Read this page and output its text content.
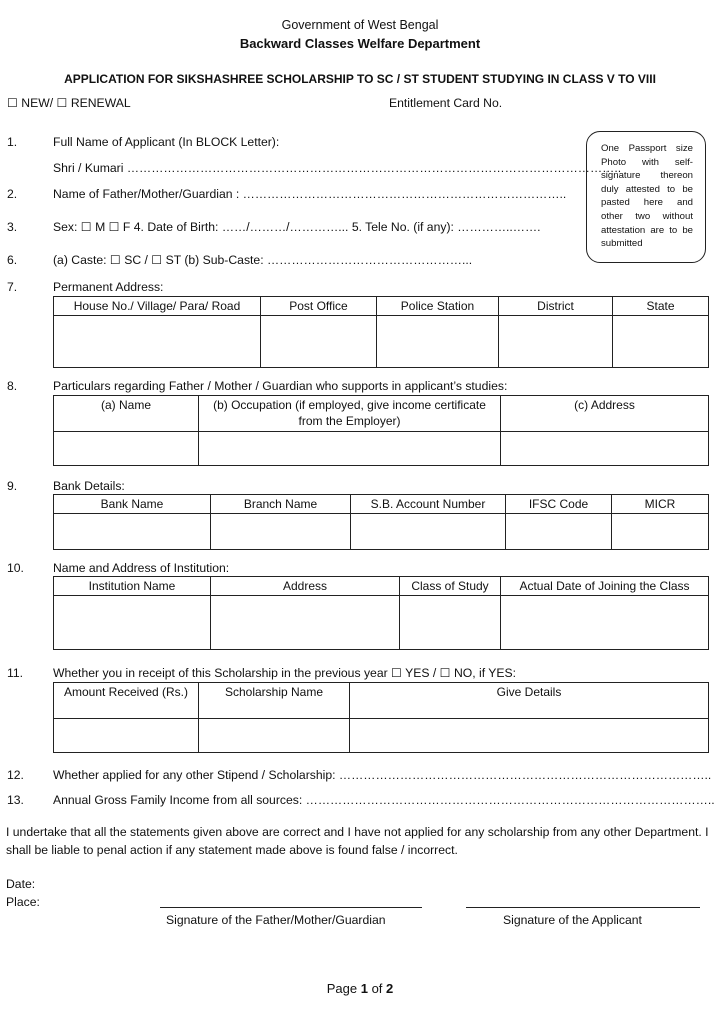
Government of West Bengal
Backward Classes Welfare Department
APPLICATION FOR SIKSHASHREE SCHOLARSHIP TO SC / ST STUDENT STUDYING IN CLASS V TO VIII
☐ NEW/ ☐ RENEWAL	Entitlement Card No.
One Passport size Photo with self-signature thereon duly attested to be pasted here and other two without attestation are to be submitted
1.	Full Name of Applicant (In BLOCK Letter):
Shri / Kumari …………………………………………………………………………………………………………..
2.	Name of Father/Mother/Guardian : ……………………………………………………………………..
3.	Sex: ☐ M ☐ F 4. Date of Birth: ……/………/…………... 5. Tele No. (if any): …………..…….
6.	(a) Caste: ☐ SC / ☐ ST (b) Sub-Caste: …………………………………………...
7.	Permanent Address:
House No./ Village/ Para/ Road	Post Office	Police Station	District	State

8.	Particulars regarding Father / Mother / Guardian who supports in applicant’s studies:
(a) Name	(b) Occupation (if employed, give income certificate from the Employer)	(c) Address

9.	Bank Details:
Bank Name	Branch Name	S.B. Account Number	IFSC Code	MICR

10. Name and Address of Institution:
Institution Name	Address	Class of Study	Actual Date of Joining the Class

11. Whether you in receipt of this Scholarship in the previous year ☐ YES / ☐ NO, if YES:
Amount Received (Rs.)	Scholarship Name	Give Details

12. Whether applied for any other Stipend / Scholarship: ………………………………………………………………………………..
13. Annual Gross Family Income from all sources: ………………………………………………………………………………………..
I undertake that all the statements given above are correct and I have not applied for any scholarship from any other Department. I shall be liable to penal action if any statement made above is found false / incorrect.
Date:
Place:
Signature of the Father/Mother/Guardian	Signature of the Applicant
Page 1 of 2
